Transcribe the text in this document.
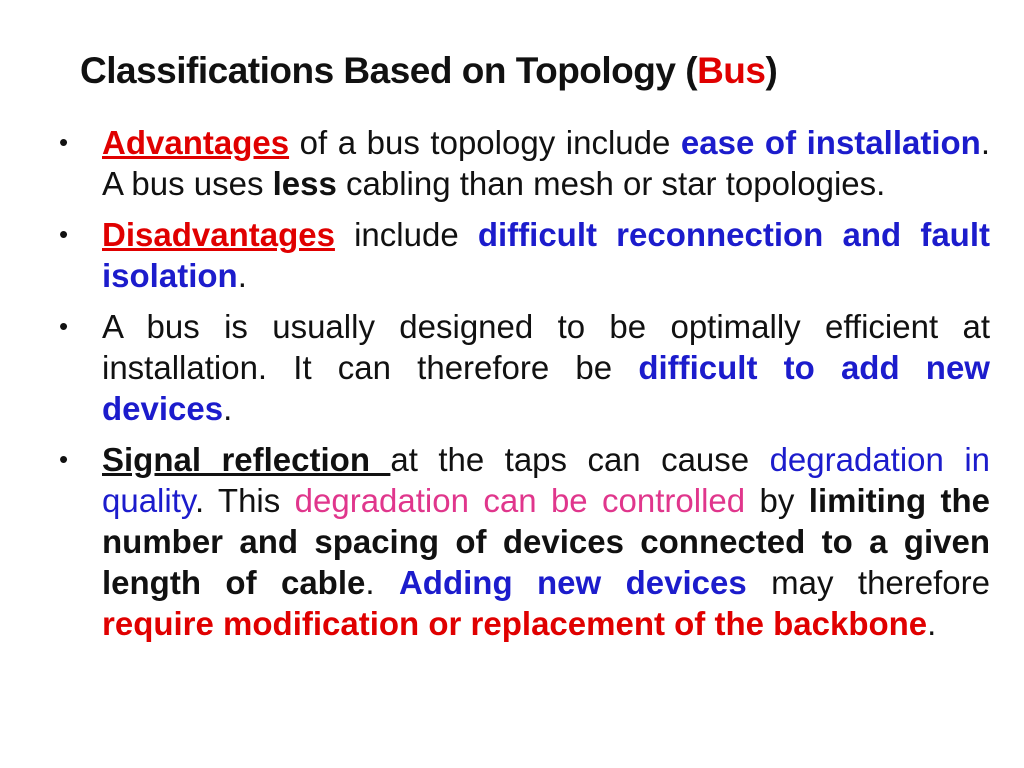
Classifications Based on Topology (Bus)
• Advantages of a bus topology include ease of installation. A bus uses less cabling than mesh or star topologies.
• Disadvantages include difficult reconnection and fault isolation.
• A bus is usually designed to be optimally efficient at installation. It can therefore be difficult to add new devices.
• Signal reflection at the taps can cause degradation in quality. This degradation can be controlled by limiting the number and spacing of devices connected to a given length of cable. Adding new devices may therefore require modification or replacement of the backbone.
